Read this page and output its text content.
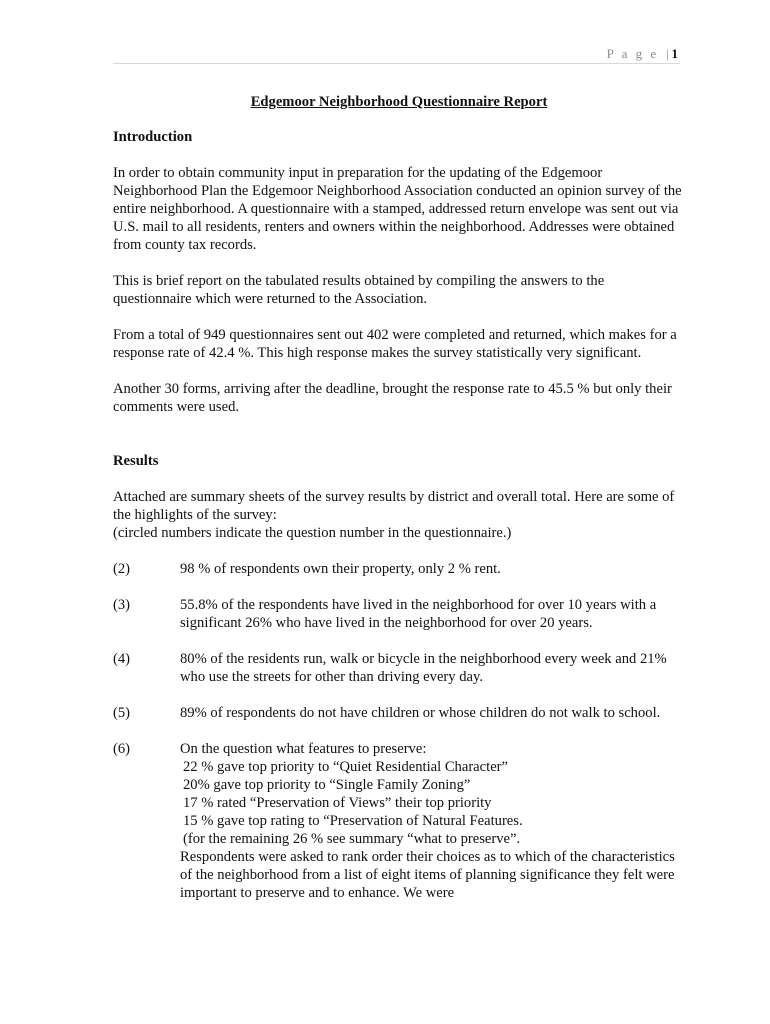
P a g e |1
Edgemoor Neighborhood Questionnaire Report
Introduction

In order to obtain community input in preparation for the updating of the Edgemoor Neighborhood Plan the Edgemoor Neighborhood Association conducted an opinion survey of the entire neighborhood. A questionnaire with a stamped, addressed return envelope was sent out via U.S. mail to all residents, renters and owners within the neighborhood. Addresses were obtained from county tax records.

This is brief report on the tabulated results obtained by compiling the answers to the questionnaire which were returned to the Association.

From a total of 949 questionnaires sent out 402 were completed and returned, which makes for a response rate of 42.4 %. This high response makes the survey statistically very significant.

Another 30 forms, arriving after the deadline, brought the response rate to 45.5 % but only their comments were used.

Results

Attached are summary sheets of the survey results by district and overall total. Here are some of the highlights of the survey:
(circled numbers indicate the question number in the questionnaire.)

(2)	98 % of respondents own their property, only 2 % rent.
(3)	55.8% of the respondents have lived in the neighborhood for over 10 years with a significant 26% who have lived in the neighborhood for over 20 years.
(4)	80% of the residents run, walk or bicycle in the neighborhood every week and 21% who use the streets for other than driving every day.
(5)	89% of respondents do not have children or whose children do not walk to school.
(6)	On the question what features to preserve:
22 % gave top priority to “Quiet Residential Character”
20% gave top priority to “Single Family Zoning”
17 % rated “Preservation of Views” their top priority
15 % gave top rating to “Preservation of Natural Features.
(for the remaining 26 % see summary “what to preserve”.
Respondents were asked to rank order their choices as to which of the characteristics of the neighborhood from a list of eight items of planning significance they felt were important to preserve and to enhance. We were
